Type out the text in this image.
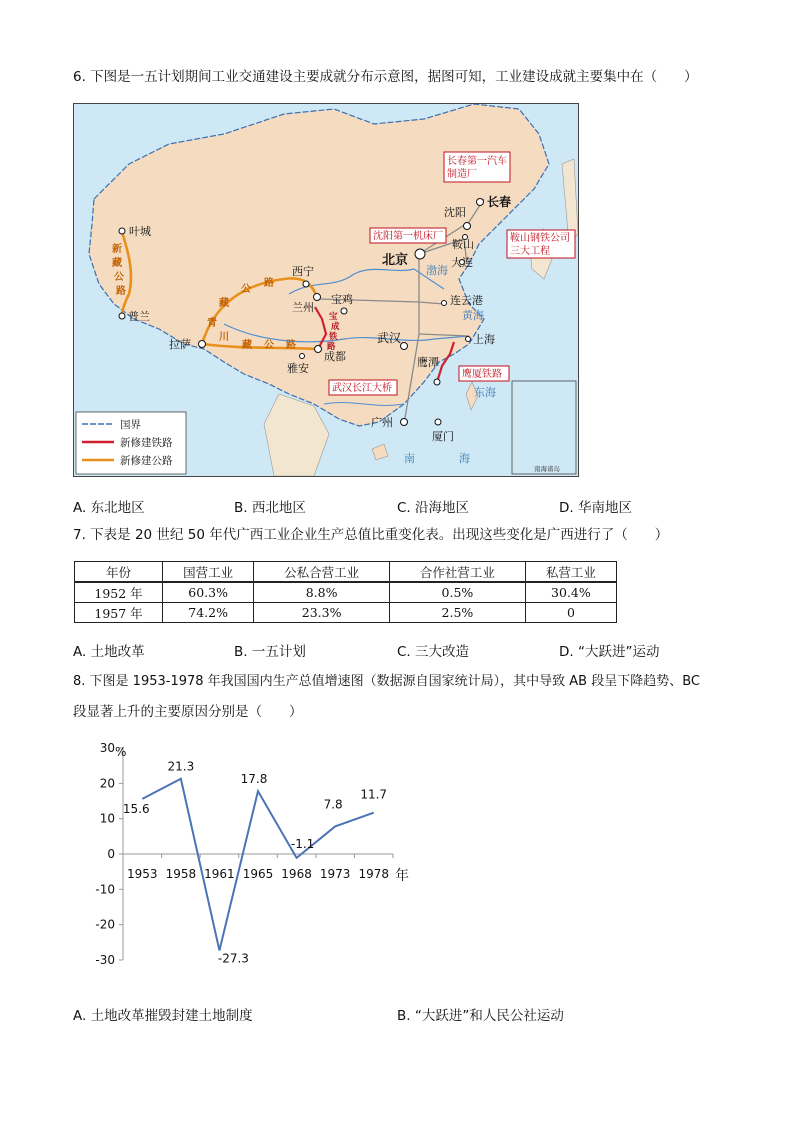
6. 下图是一五计划期间工业交通建设主要成就分布示意图，据图可知，工业建设成就主要集中在（　　）
新
藏
公
路
青
藏
公
路
川
藏 公 路
宝
成
铁
路
黄海
东海
渤海
南	海
叶城
普兰
拉萨
西宁
兰州
宝鸡
成都
雅安
北京
沈阳
长春
鞍山
大连
连云港
上海
武汉
鹰潭
厦门
广州
长春第一汽车
制造厂
沈阳第一机床厂	鞍山钢铁公司
三大工程
武汉长江大桥
鹰厦铁路
南海诸岛
国界
新修建铁路
新修建公路
A. 东北地区	B. 西北地区	C. 沿海地区	D. 华南地区
7. 下表是 20 世纪 50 年代广西工业企业生产总值比重变化表。出现这些变化是广西进行了（　　）
年份	国营工业	公私合营工业	合作社营工业	私营工业
1952 年	60.3%	8.8%	0.5%	30.4%
1957 年	74.2%	23.3%	2.5%	0
A. 土地改革	B. 一五计划	C. 三大改造	D. “大跃进”运动
8. 下图是 1953-1978 年我国国内生产总值增速图（数据源自国家统计局），其中导致 AB 段呈下降趋势、BC
段显著上升的主要原因分别是（　　）
30
20
10
0
-10
-20
-30
%
1953 1958 1961 1965 1968 1973 1978 年
15.6
21.3
-27.3
17.8
-1.1
7.8
11.7
A. 土地改革摧毁封建土地制度	B. “大跃进”和人民公社运动
